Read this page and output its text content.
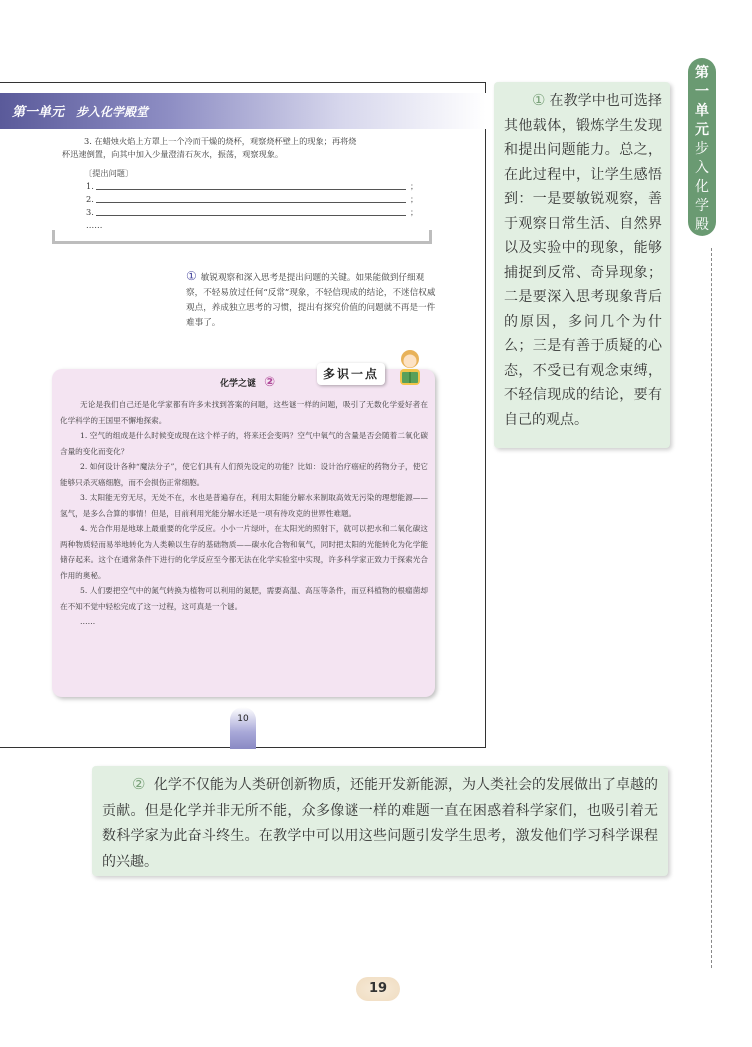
第一单元 步入化学殿堂

3. 在蜡烛火焰上方罩上一个冷而干燥的烧杯，观察烧杯壁上的现象；再将烧

杯迅速倒置，向其中加入少量澄清石灰水，振荡，观察现象。

〔提出问题〕

1.	；
2.	；
3.	；

……

① 敏锐观察和深入思考是提出问题的关键。如果能做到仔细观察，不轻易放过任何“反常”现象，不轻信现成的结论，不迷信权威观点，养成独立思考的习惯，提出有探究价值的问题就不再是一件难事了。
多识一点
化学之谜 ②

无论是我们自己还是化学家都有许多未找到答案的问题，这些谜一样的问题，吸引了无数化学爱好者在化学科学的王国里不懈地探索。

1. 空气的组成是什么时候变成现在这个样子的，将来还会变吗？空气中氧气的含量是否会随着二氧化碳含量的变化而变化？

2. 如何设计各种“魔法分子”，使它们具有人们预先设定的功能？比如：设计治疗癌症的药物分子，使它能够只杀灭癌细胞，而不会损伤正常细胞。

3. 太阳能无穷无尽，无处不在，水也是普遍存在，利用太阳能分解水来制取高效无污染的理想能源——氢气，是多么合算的事情！但是，目前利用光能分解水还是一项有待攻克的世界性难题。

4. 光合作用是地球上最重要的化学反应。小小一片绿叶，在太阳光的照射下，就可以把水和二氧化碳这两种物质轻而易举地转化为人类赖以生存的基础物质——碳水化合物和氧气，同时把太阳的光能转化为化学能储存起来。这个在通常条件下进行的化学反应至今都无法在化学实验室中实现，许多科学家正致力于探索光合作用的奥秘。

5. 人们要把空气中的氮气转换为植物可以利用的氮肥，需要高温、高压等条件，而豆科植物的根瘤菌却在不知不觉中轻松完成了这一过程，这可真是一个谜。

……

10
① 在教学中也可选择其他载体，锻炼学生发现和提出问题能力。总之，在此过程中，让学生感悟到：一是要敏锐观察，善于观察日常生活、自然界以及实验中的现象，能够捕捉到反常、奇异现象；二是要深入思考现象背后的原因，多问几个为什么；三是有善于质疑的心态，不受已有观念束缚，不轻信现成的结论，要有自己的观点。
第
一
单
元
步
入
化
学
殿
堂
② 化学不仅能为人类研创新物质，还能开发新能源，为人类社会的发展做出了卓越的贡献。但是化学并非无所不能，众多像谜一样的难题一直在困惑着科学家们，也吸引着无数科学家为此奋斗终生。在教学中可以用这些问题引发学生思考，激发他们学习科学课程的兴趣。
19
